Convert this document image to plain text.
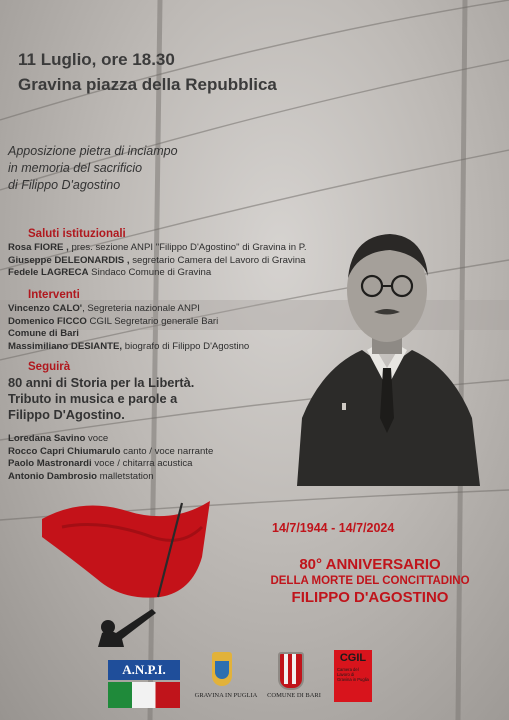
11 Luglio, ore 18.30
Gravina piazza della Repubblica
Apposizione pietra di inciampo
in memoria del sacrificio
di Filippo D'agostino
Saluti istituzionali
Rosa FIORE , pres. sezione ANPI "Filippo D'Agostino" di Gravina in P.
Giuseppe DELEONARDIS , segretario Camera del Lavoro di Gravina
Fedele LAGRECA Sindaco Comune di Gravina
Interventi
Vincenzo CALO', Segreteria nazionale ANPI
Domenico FICCO CGIL Segretario generale Bari
Comune di Bari
Massimiliano DESIANTE, biografo di Filippo D'Agostino
Seguirà
80 anni di Storia per la Libertà.
Tributo in musica e parole a
Filippo D'Agostino.
Loredana Savino voce
Rocco Capri Chiumarulo canto / voce narrante
Paolo Mastronardi voce / chitarra acustica
Antonio Dambrosio malletstation
14/7/1944 - 14/7/2024
80° ANNIVERSARIO
DELLA MORTE DEL CONCITTADINO
FILIPPO D'AGOSTINO
A.N.P.I.
GRAVINA IN PUGLIA	COMUNE DI BARI
CGIL
Camera del Lavoro di Gravina in Puglia
